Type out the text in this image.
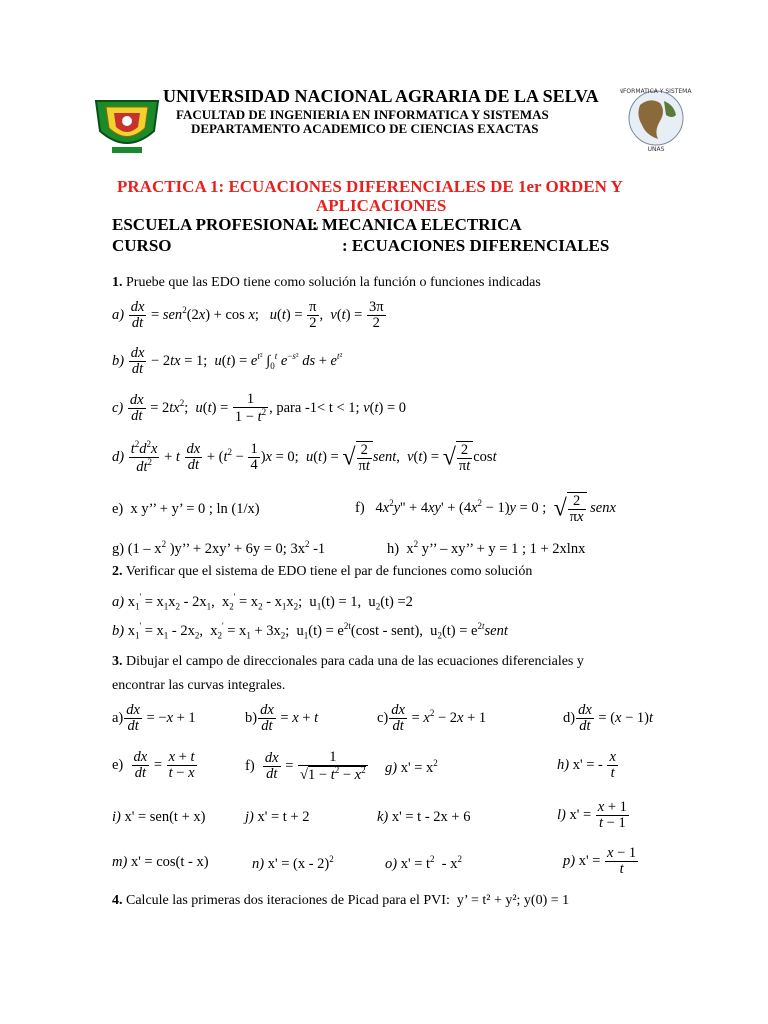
INFORMATICA Y SISTEMAS
UNAS
UNIVERSIDAD NACIONAL AGRARIA DE LA SELVA
FACULTAD DE INGENIERIA EN INFORMATICA Y SISTEMAS
DEPARTAMENTO ACADEMICO DE CIENCIAS EXACTAS
PRACTICA 1: ECUACIONES DIFERENCIALES DE 1er ORDEN Y
APLICACIONES
ESCUELA PROFESIONAL
: MECANICA ELECTRICA
CURSO	: ECUACIONES DIFERENCIALES
1. Pruebe que las EDO tiene como solución la función o funciones indicadas
$a) \frac{dx}{dt} = sen^2(2x) + \cos x$;   $u(t) = \frac{\pi}{2}$ ,  $v(t) = \frac{3\pi}{2}$
$b) \frac{dx}{dt} - 2tx = 1$;  $u(t) = e^{t^2}$ $\int_0^t$ $e^{-s^2}$ ds + $e^{t^2}$
$c) \frac{dx}{dt} = 2tx^2$;  $u(t) = \frac{1}{1 - t^2}$ , para -1< t < 1; v(t) = 0
$d) \frac{t^2d^2x}{dt^2} + t \frac{dx}{dt} + (t^2 - \frac{1}{4} )x = 0$;  u(t) = √ $\frac{2}{\pi t}$ sent,  v(t) = √ $\frac{2}{\pi t}$ cost
e) x y’’ + y’ = 0 ; ln (1/x)	f)   $4x^2y'' + 4xy' + (4x^2 - 1)y = 0$ ;  √ $\frac{2}{\pi x}$ senx
g) ($1 - x^2$ )y’’ + 2xy’ + 6y = 0; $3x^2$ -1	h) $x^2$ y’’ – xy’’ + y = 1 ; 1 + 2xlnx
2. Verificar que el sistema de EDO tiene el par de funciones como solución
a) $x_1' = x_1x_2 - 2x_1$,  $x_2' = x_2 - x_1x_2$;  $u_1(t) = 1$,  $u_2(t) =2$
b) $x_1' = x_1 - 2x_2$,  $x_2' = x_1 + 3x_2$;  $u_1(t) = e^{2t}(\cos t$ - sent),  $u_2(t)$ = $e^{2t}sent$
3. Dibujar el campo de direccionales para cada una de las ecuaciones diferenciales y
encontrar las curvas integrales.
$a) \frac{dx}{dt} = -x + 1$	$b) \frac{dx}{dt} = x + t$	$c) \frac{dx}{dt} = x^2 - 2x + 1$	$d) \frac{dx}{dt} = (x - 1)t$
$e) \frac{dx}{dt} = \frac{x + t}{t - x}$	$f) \frac{dx}{dt} = \frac{1}{√1 - t^2 - x^2} g$) $x' = x^2$	h) x' = - $\frac{x}{t}$
i) x' = sen(t + x)	j) x' = t + 2	k) x' = t - 2x + 6	l) $x' = \frac{x + 1}{t - 1}$
m) x' = cos(t - x)	n) x' = (x - 2)$^2$	o) $x' = t^2 - x^2$	p) $x' = \frac{x - 1}{t}$
4. Calcule las primeras dos iteraciones de Picad para el PVI: y’ = t² + y²; y(0) = 1
